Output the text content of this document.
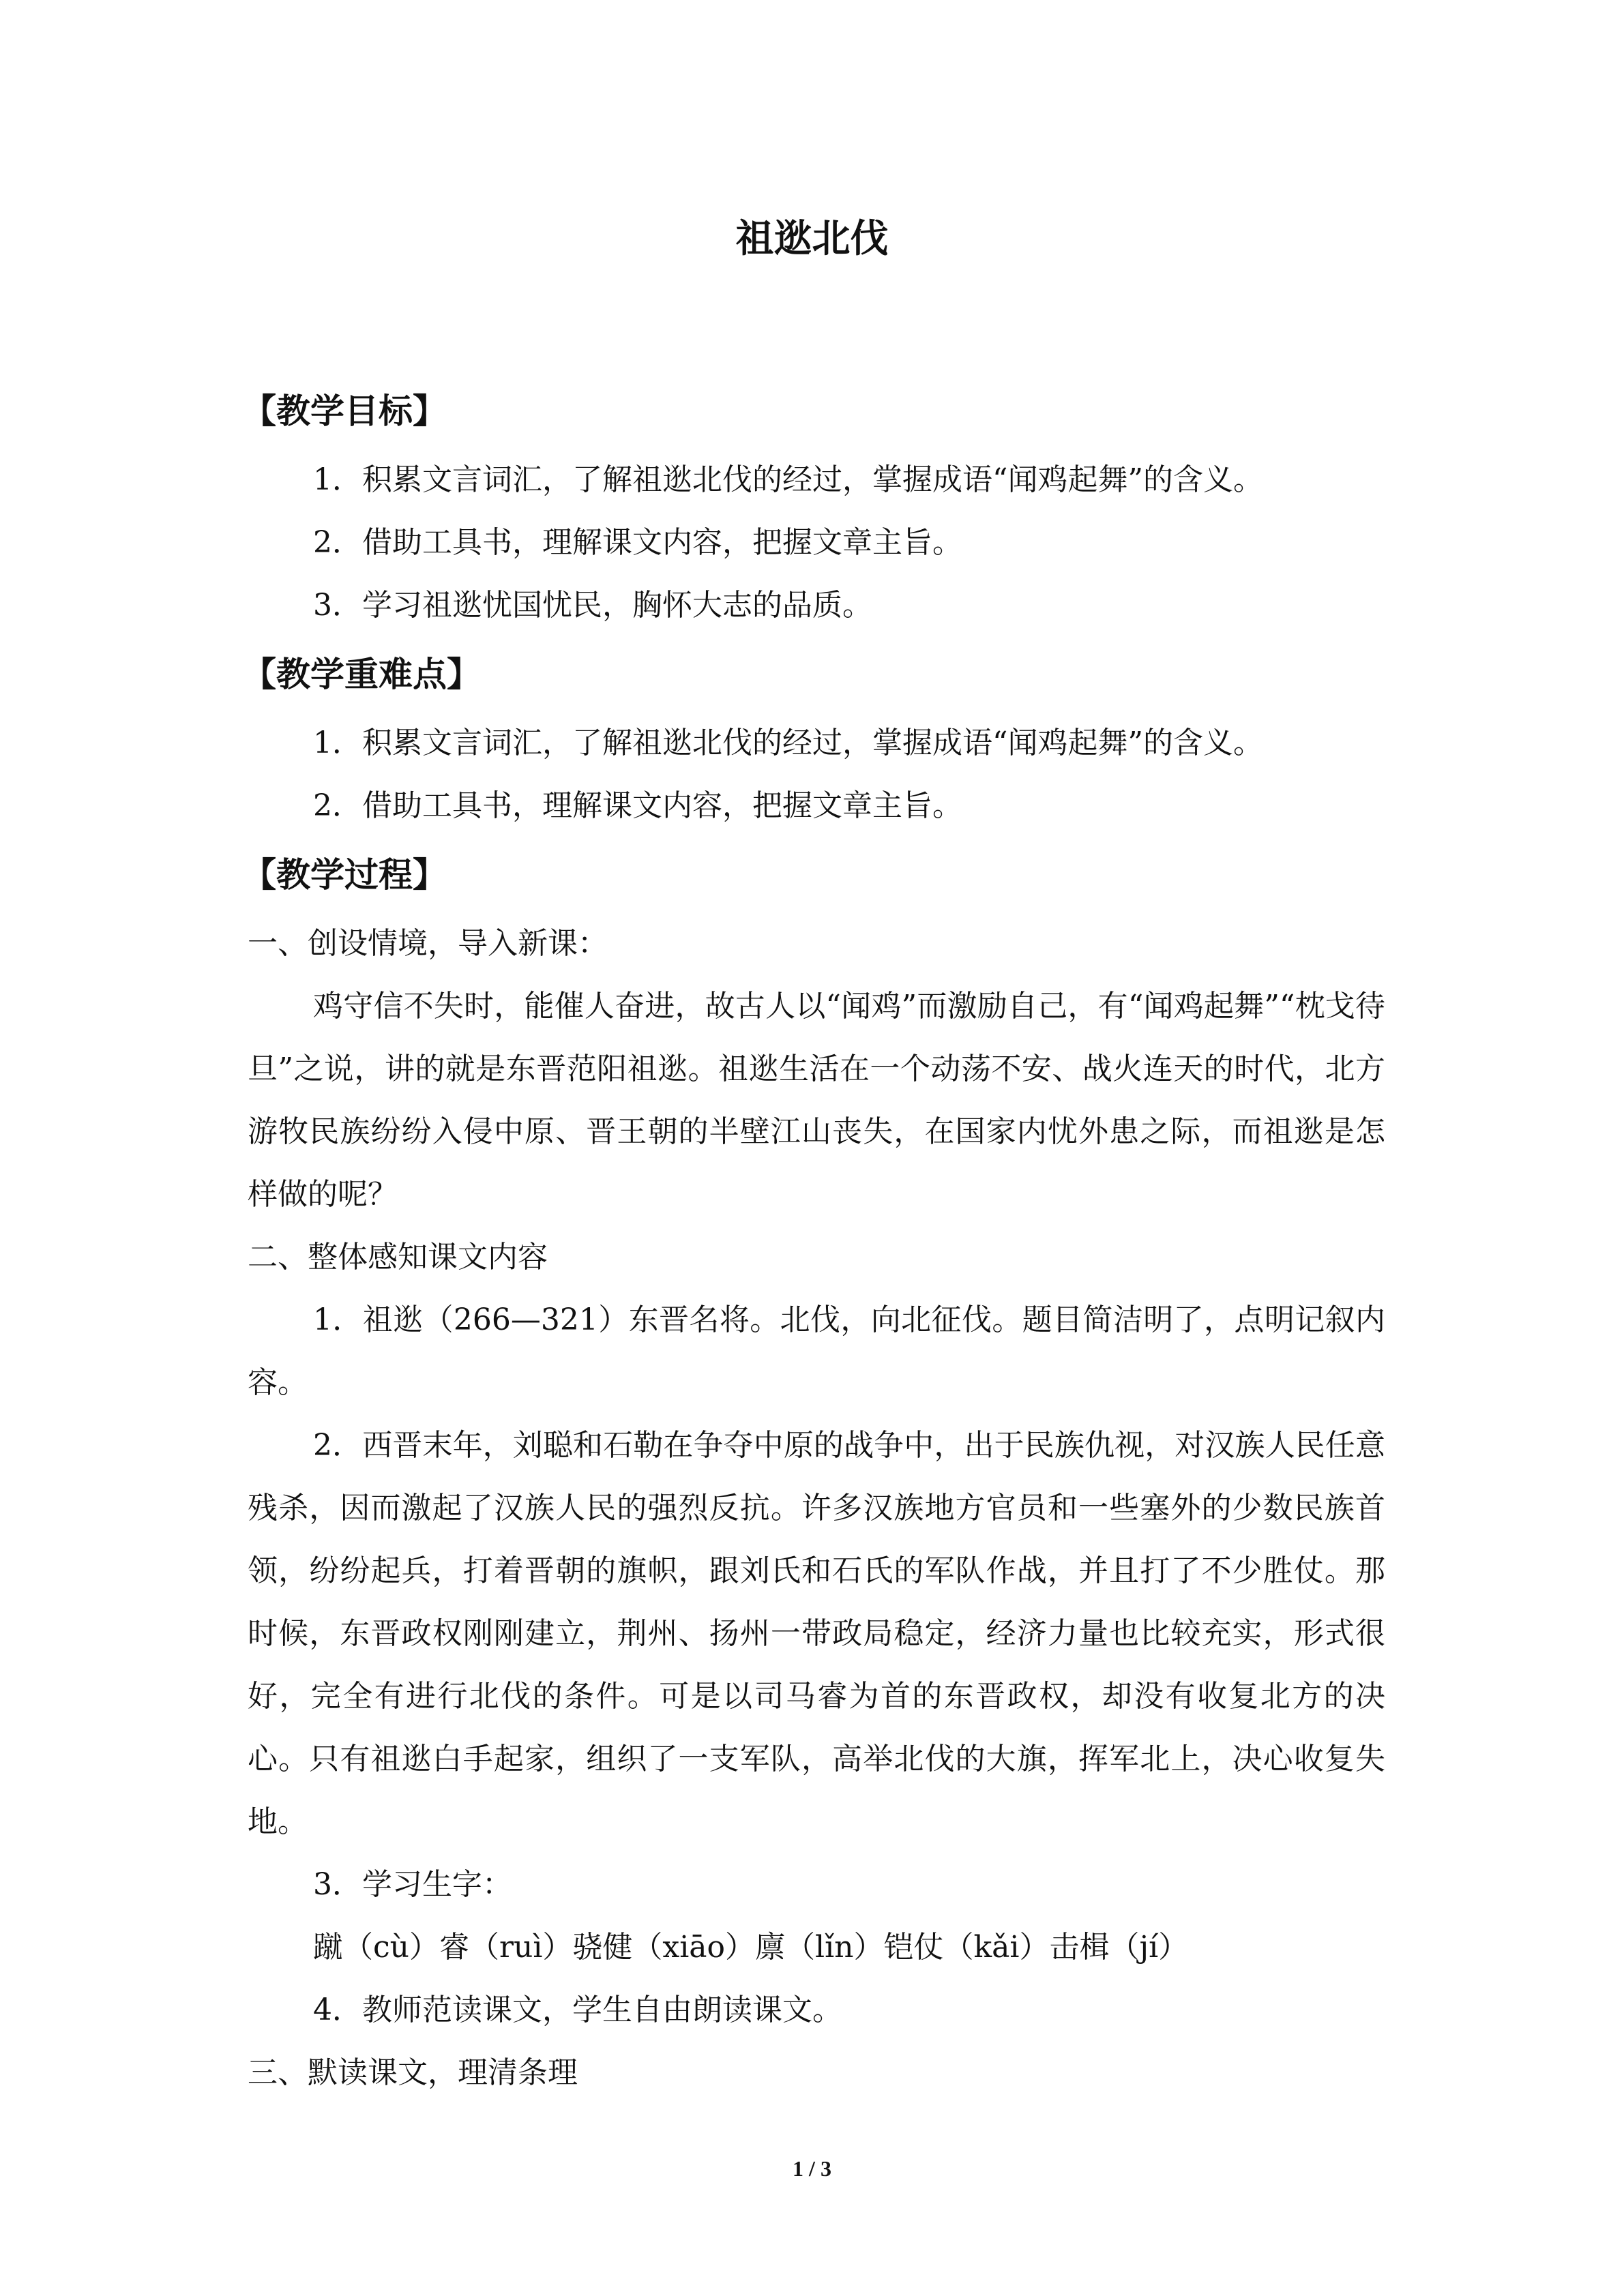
祖逖北伐
【教学目标】
1．积累文言词汇，了解祖逖北伐的经过，掌握成语“闻鸡起舞”的含义。
2．借助工具书，理解课文内容，把握文章主旨。
3．学习祖逖忧国忧民，胸怀大志的品质。
【教学重难点】
1．积累文言词汇，了解祖逖北伐的经过，掌握成语“闻鸡起舞”的含义。
2．借助工具书，理解课文内容，把握文章主旨。
【教学过程】
一、创设情境，导入新课：

鸡守信不失时，能催人奋进，故古人以“闻鸡”而激励自己，有“闻鸡起舞”“枕戈待旦”之说，讲的就是东晋范阳祖逖。祖逖生活在一个动荡不安、战火连天的时代，北方游牧民族纷纷入侵中原、晋王朝的半壁江山丧失，在国家内忧外患之际，而祖逖是怎样做的呢？

二、整体感知课文内容

1．祖逖（266—321）东晋名将。北伐，向北征伐。题目简洁明了，点明记叙内容。

2．西晋末年，刘聪和石勒在争夺中原的战争中，出于民族仇视，对汉族人民任意残杀，因而激起了汉族人民的强烈反抗。许多汉族地方官员和一些塞外的少数民族首领，纷纷起兵，打着晋朝的旗帜，跟刘氏和石氏的军队作战，并且打了不少胜仗。那时候，东晋政权刚刚建立，荆州、扬州一带政局稳定，经济力量也比较充实，形式很好，完全有进行北伐的条件。可是以司马睿为首的东晋政权，却没有收复北方的决心。只有祖逖白手起家，组织了一支军队，高举北伐的大旗，挥军北上，决心收复失地。

3．学习生字：
蹴（cù）睿（ruì）骁健（xiāo）廪（lǐn）铠仗（kǎi）击楫（jí）
4．教师范读课文，学生自由朗读课文。
三、默读课文，理清条理
1 / 3
